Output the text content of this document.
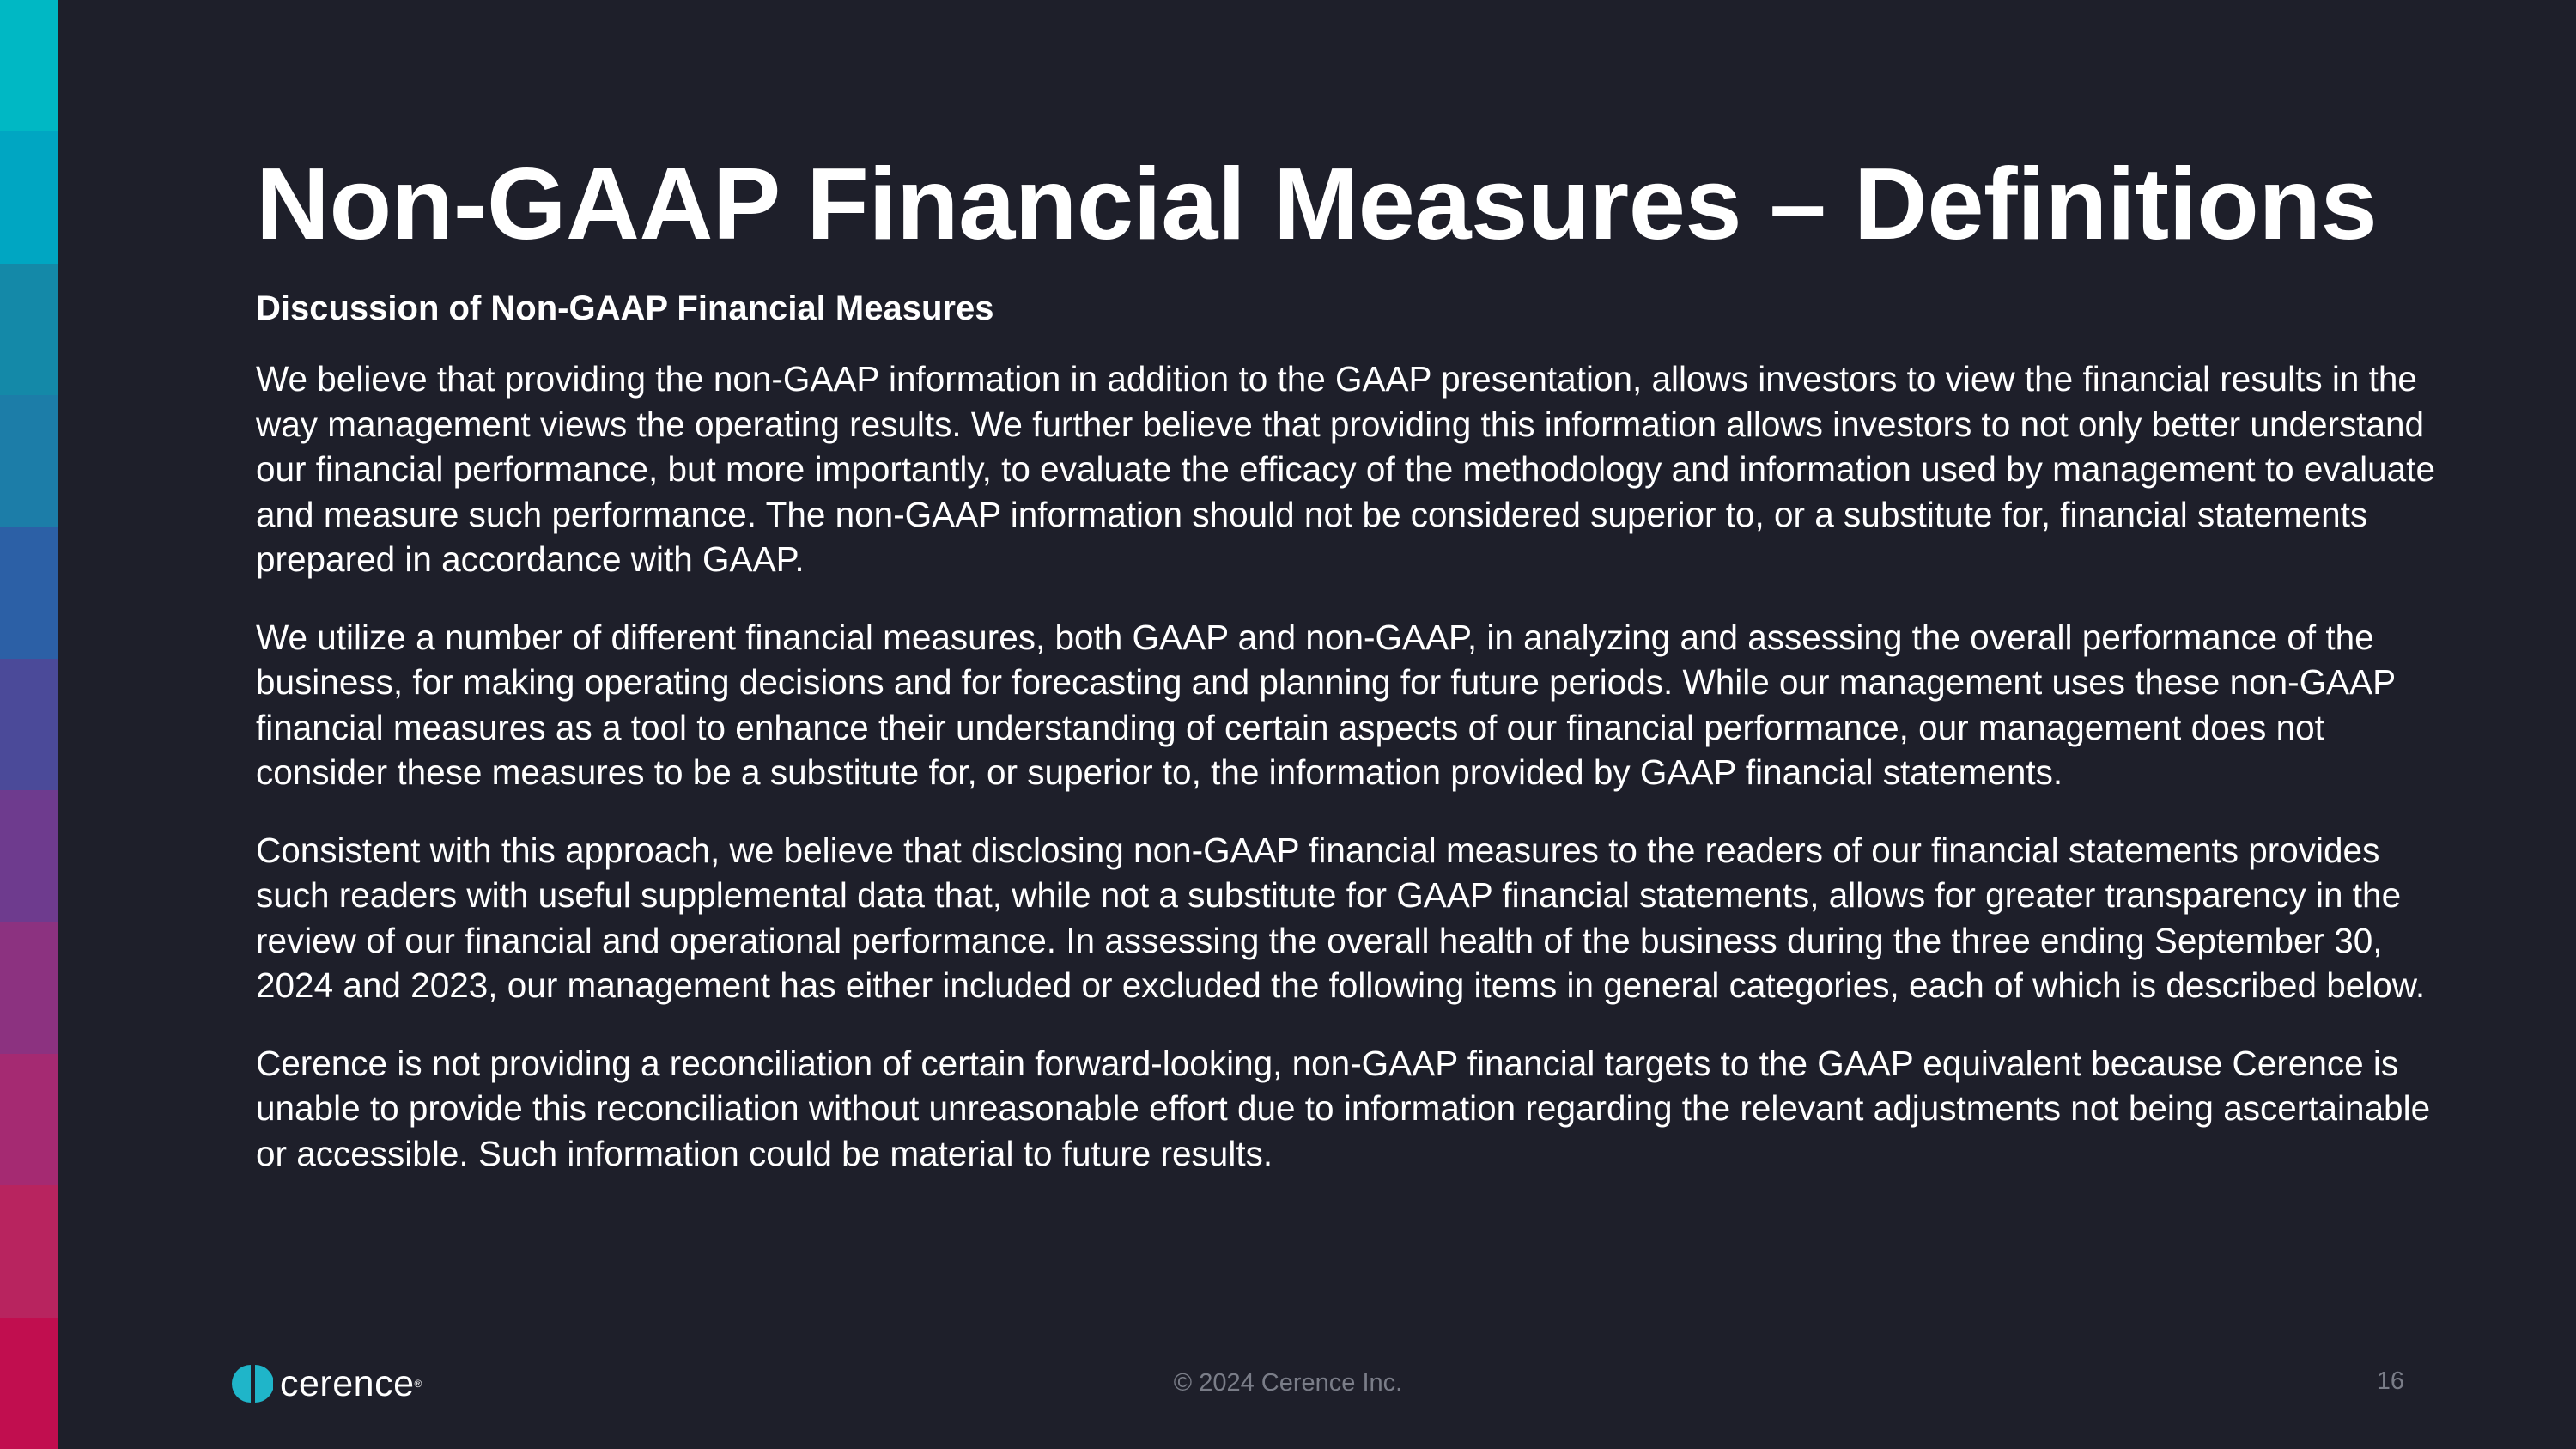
Non-GAAP Financial Measures – Definitions

Discussion of Non-GAAP Financial Measures

We believe that providing the non-GAAP information in addition to the GAAP presentation, allows investors to view the financial results in the way management views the operating results. We further believe that providing this information allows investors to not only better understand our financial performance, but more importantly, to evaluate the efficacy of the methodology and information used by management to evaluate and measure such performance. The non-GAAP information should not be considered superior to, or a substitute for, financial statements prepared in accordance with GAAP.

We utilize a number of different financial measures, both GAAP and non-GAAP, in analyzing and assessing the overall performance of the business, for making operating decisions and for forecasting and planning for future periods. While our management uses these non-GAAP financial measures as a tool to enhance their understanding of certain aspects of our financial performance, our management does not consider these measures to be a substitute for, or superior to, the information provided by GAAP financial statements.

Consistent with this approach, we believe that disclosing non-GAAP financial measures to the readers of our financial statements provides such readers with useful supplemental data that, while not a substitute for GAAP financial statements, allows for greater transparency in the review of our financial and operational performance. In assessing the overall health of the business during the three ending September 30, 2024 and 2023, our management has either included or excluded the following items in general categories, each of which is described below.

Cerence is not providing a reconciliation of certain forward-looking, non-GAAP financial targets to the GAAP equivalent because Cerence is unable to provide this reconciliation without unreasonable effort due to information regarding the relevant adjustments not being ascertainable or accessible. Such information could be material to future results.

cerence ®	© 2024 Cerence Inc.	16
